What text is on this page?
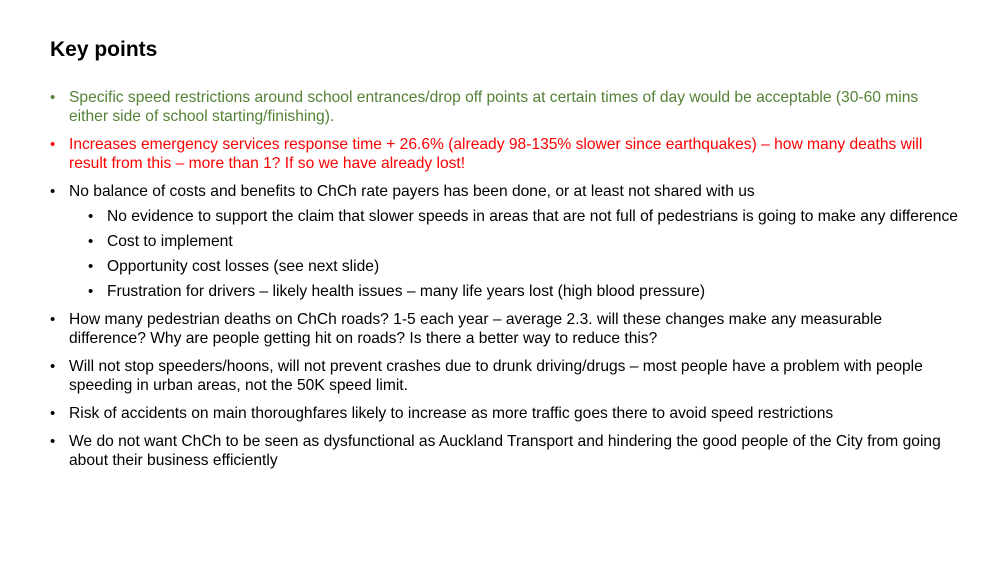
Key points
• Specific speed restrictions around school entrances/drop off points at certain times of day would be acceptable (30-60 mins either side of school starting/finishing).
• Increases emergency services response time + 26.6% (already 98-135% slower since earthquakes) – how many deaths will result from this – more than 1? If so we have already lost!
• No balance of costs and benefits to ChCh rate payers has been done, or at least not shared with us
• No evidence to support the claim that slower speeds in areas that are not full of pedestrians is going to make any difference
• Cost to implement
• Opportunity cost losses (see next slide)
• Frustration for drivers – likely health issues – many life years lost (high blood pressure)
• How many pedestrian deaths on ChCh roads? 1-5 each year – average 2.3. will these changes make any measurable difference? Why are people getting hit on roads? Is there a better way to reduce this?
• Will not stop speeders/hoons, will not prevent crashes due to drunk driving/drugs – most people have a problem with people speeding in urban areas, not the 50K speed limit.
• Risk of accidents on main thoroughfares likely to increase as more traffic goes there to avoid speed restrictions
• We do not want ChCh to be seen as dysfunctional as Auckland Transport and hindering the good people of the City from going about their business efficiently
